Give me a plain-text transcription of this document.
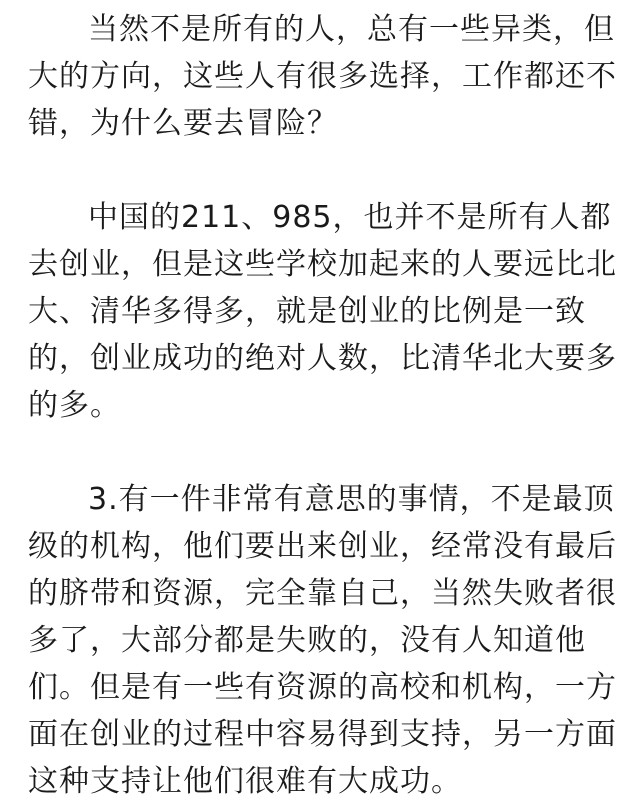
当然不是所有的人，总有一些异类，但大的方向，这些人有很多选择，工作都还不错，为什么要去冒险？

中国的211、985，也并不是所有人都去创业，但是这些学校加起来的人要远比北大、清华多得多，就是创业的比例是一致的，创业成功的绝对人数，比清华北大要多的多。

3.有一件非常有意思的事情，不是最顶级的机构，他们要出来创业，经常没有最后的脐带和资源，完全靠自己，当然失败者很多了，大部分都是失败的，没有人知道他们。但是有一些有资源的高校和机构，一方面在创业的过程中容易得到支持，另一方面这种支持让他们很难有大成功。
